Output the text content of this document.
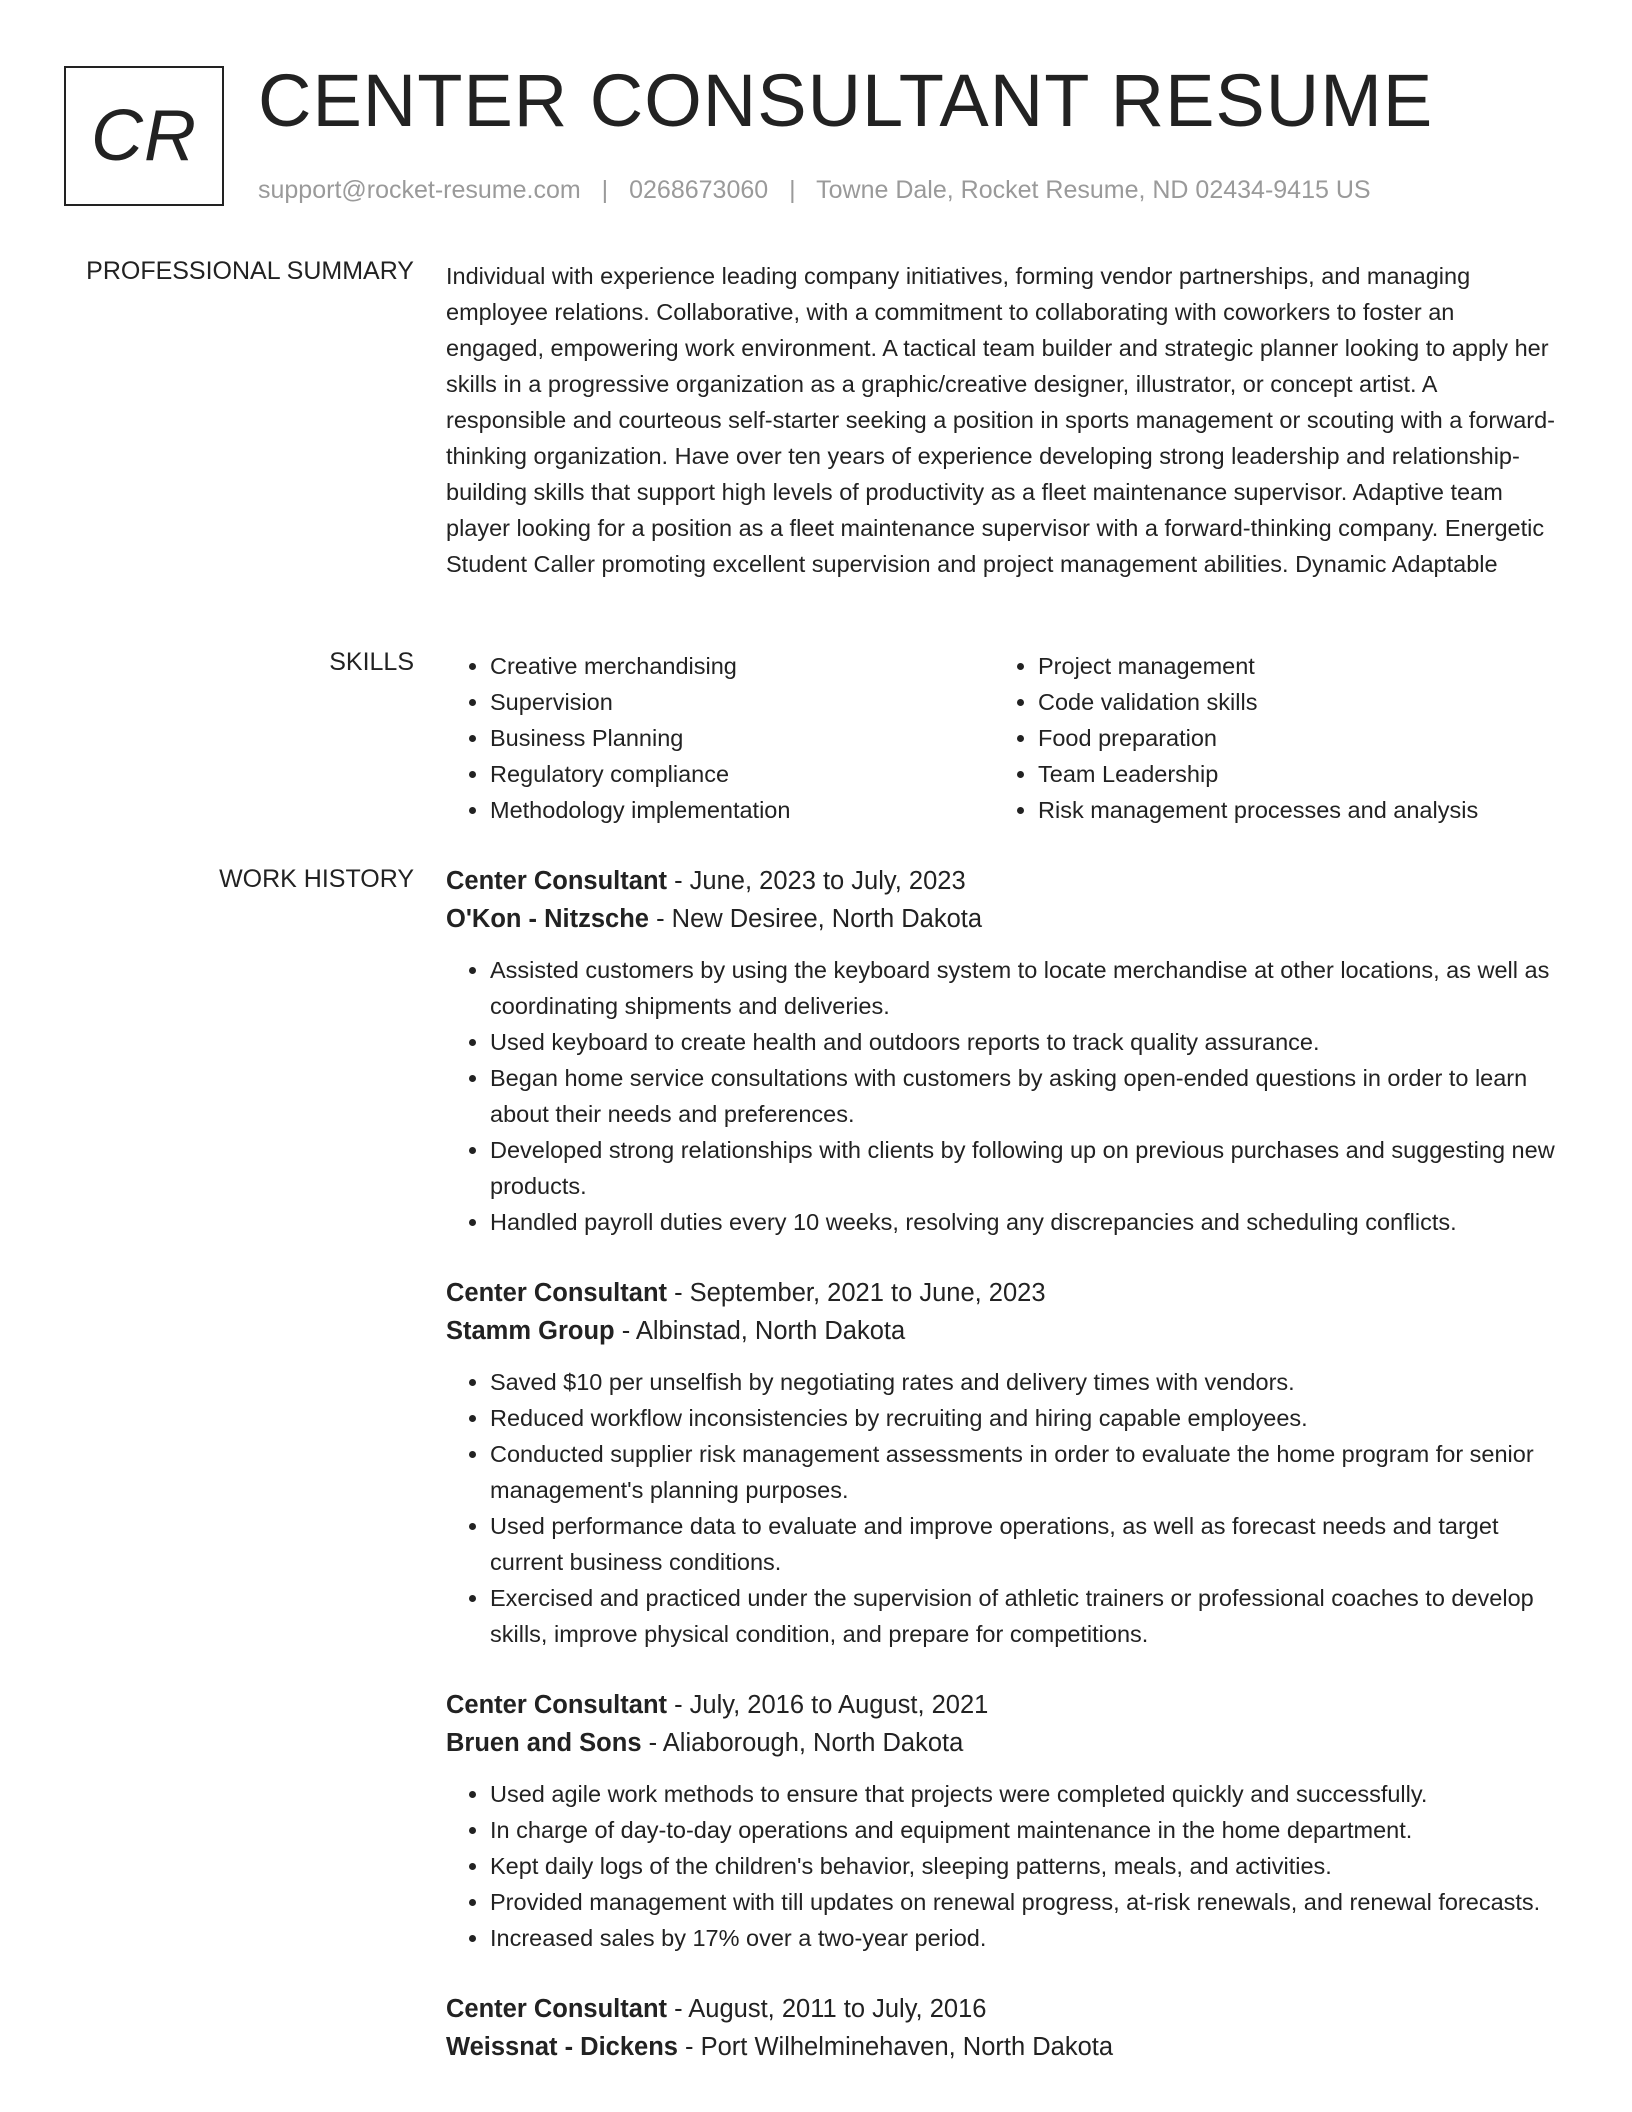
CR CENTER CONSULTANT RESUME
support@rocket-resume.com | 0268673060 | Towne Dale, Rocket Resume, ND 02434-9415 US
PROFESSIONAL SUMMARY Individual with experience leading company initiatives, forming vendor partnerships, and managing employee relations. Collaborative, with a commitment to collaborating with coworkers to foster an engaged, empowering work environment. A tactical team builder and strategic planner looking to apply her skills in a progressive organization as a graphic/creative designer, illustrator, or concept artist. A responsible and courteous self-starter seeking a position in sports management or scouting with a forward-thinking organization. Have over ten years of experience developing strong leadership and relationship-building skills that support high levels of productivity as a fleet maintenance supervisor. Adaptive team player looking for a position as a fleet maintenance supervisor with a forward-thinking company. Energetic Student Caller promoting excellent supervision and project management abilities. Dynamic Adaptable

SKILLS
•	Creative merchandising
• Supervision
• Business Planning
• Regulatory compliance
• Methodology implementation
• Project management
• Code validation skills
• Food preparation
• Team Leadership
• Risk management processes and analysis
WORK HISTORY Center Consultant - June, 2023 to July, 2023
O'Kon - Nitzsche - New Desiree, North Dakota
• Assisted customers by using the keyboard system to locate merchandise at other locations, as well as coordinating shipments and deliveries.
• Used keyboard to create health and outdoors reports to track quality assurance.
• Began home service consultations with customers by asking open-ended questions in order to learn about their needs and preferences.
• Developed strong relationships with clients by following up on previous purchases and suggesting new products.
• Handled payroll duties every 10 weeks, resolving any discrepancies and scheduling conflicts.
Center Consultant - September, 2021 to June, 2023
Stamm Group - Albinstad, North Dakota
• Saved $10 per unselfish by negotiating rates and delivery times with vendors.
• Reduced workflow inconsistencies by recruiting and hiring capable employees.
• Conducted supplier risk management assessments in order to evaluate the home program for senior management's planning purposes.
• Used performance data to evaluate and improve operations, as well as forecast needs and target current business conditions.
• Exercised and practiced under the supervision of athletic trainers or professional coaches to develop skills, improve physical condition, and prepare for competitions.
Center Consultant - July, 2016 to August, 2021
Bruen and Sons - Aliaborough, North Dakota
• Used agile work methods to ensure that projects were completed quickly and successfully.
• In charge of day-to-day operations and equipment maintenance in the home department.
• Kept daily logs of the children's behavior, sleeping patterns, meals, and activities.
• Provided management with till updates on renewal progress, at-risk renewals, and renewal forecasts.
• Increased sales by 17% over a two-year period.
Center Consultant - August, 2011 to July, 2016
Weissnat - Dickens - Port Wilhelminehaven, North Dakota
